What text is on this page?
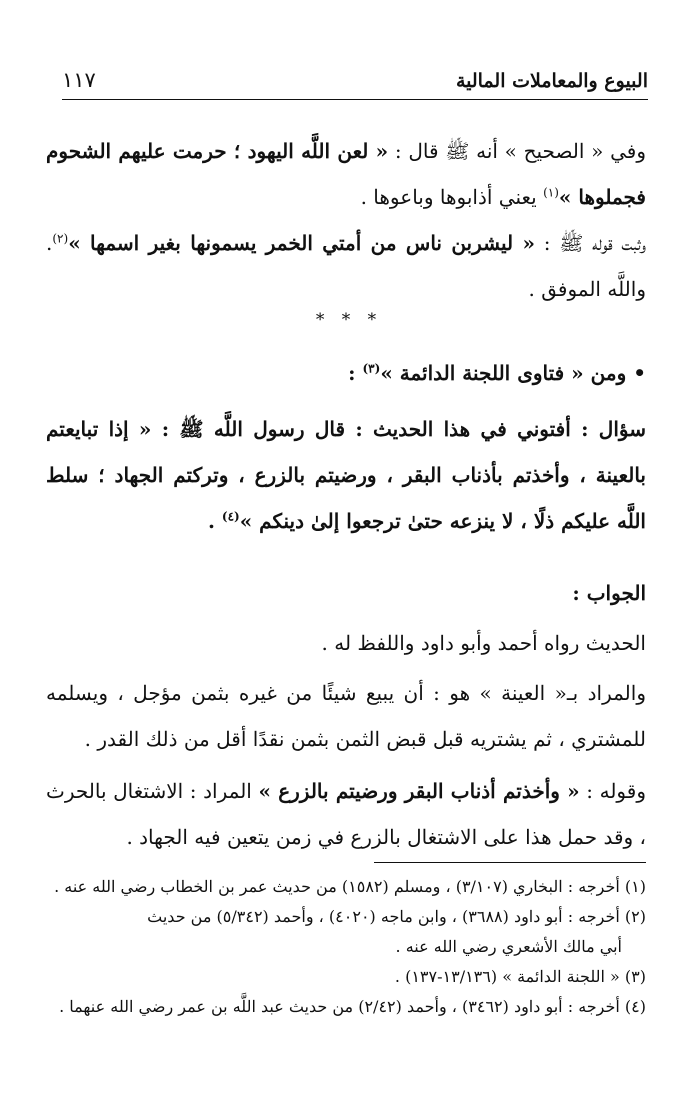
البيوع والمعاملات المالية
١١٧
وفي « الصحيح » أنه ﷺ قال : « لعن اللَّه اليهود ؛ حرمت عليهم الشحوم فجملوها »$^{(١)}$ يعني أذابوها وباعوها .
وثبت قوله ﷺ : « ليشربن ناس من أمتي الخمر يسمونها بغير اسمها »$^{(٢)}$. واللَّه الموفق .
* * *
• ومن « فتاوى اللجنة الدائمة »$^{(٣)}$ :
سؤال : أفتوني في هذا الحديث : قال رسول اللَّه ﷺ : « إذا تبايعتم بالعينة ، وأخذتم بأذناب البقر ، ورضيتم بالزرع ، وتركتم الجهاد ؛ سلط اللَّه عليكم ذلًا ، لا ينزعه حتىٰ ترجعوا إلىٰ دينكم »$^{(٤)}$ .
الجواب :
الحديث رواه أحمد وأبو داود واللفظ له .
والمراد بـ« العينة » هو : أن يبيع شيئًا من غيره بثمن مؤجل ، ويسلمه للمشتري ، ثم يشتريه قبل قبض الثمن بثمن نقدًا أقل من ذلك القدر .
وقوله : « وأخذتم أذناب البقر ورضيتم بالزرع » المراد : الاشتغال بالحرث ، وقد حمل هذا على الاشتغال بالزرع في زمن يتعين فيه الجهاد .
(١) أخرجه : البخاري (٣/١٠٧) ، ومسلم (١٥٨٢) من حديث عمر بن الخطاب رضي الله عنه .
(٢) أخرجه : أبو داود (٣٦٨٨) ، وابن ماجه (٤٠٢٠) ، وأحمد (٥/٣٤٢) من حديث
أبي مالك الأشعري رضي الله عنه .
(٣) « اللجنة الدائمة » (١٣/١٣٦-١٣٧) .
(٤) أخرجه : أبو داود (٣٤٦٢) ، وأحمد (٢/٤٢) من حديث عبد اللَّه بن عمر رضي الله عنهما .
